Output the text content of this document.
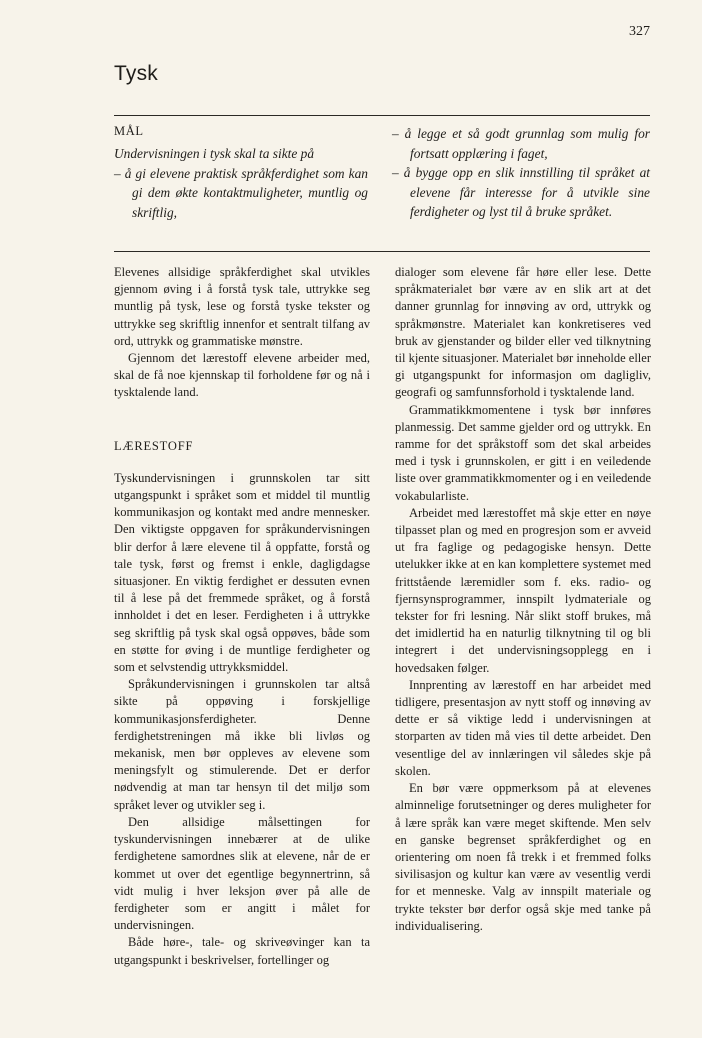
327
Tysk
MÅL

Undervisningen i tysk skal ta sikte på

– å gi elevene praktisk språkferdighet som kan gi dem økte kontaktmuligheter, muntlig og skriftlig,

– å legge et så godt grunnlag som mulig for fortsatt opplæring i faget,

– å bygge opp en slik innstilling til språket at elevene får interesse for å utvikle sine ferdigheter og lyst til å bruke språket.

Elevenes allsidige språkferdighet skal utvikles gjennom øving i å forstå tysk tale, uttrykke seg muntlig på tysk, lese og forstå tyske tekster og uttrykke seg skriftlig innenfor et sentralt tilfang av ord, uttrykk og grammatiske mønstre.

Gjennom det lærestoff elevene arbeider med, skal de få noe kjennskap til forholdene før og nå i tysktalende land.

LÆRESTOFF

Tyskundervisningen i grunnskolen tar sitt utgangspunkt i språket som et middel til muntlig kommunikasjon og kontakt med andre mennesker. Den viktigste oppgaven for språkundervisningen blir derfor å lære elevene til å oppfatte, forstå og tale tysk, først og fremst i enkle, dagligdagse situasjoner. En viktig ferdighet er dessuten evnen til å lese på det fremmede språket, og å forstå innholdet i det en leser. Ferdigheten i å uttrykke seg skriftlig på tysk skal også oppøves, både som en støtte for øving i de muntlige ferdigheter og som et selvstendig uttrykksmiddel.

Språkundervisningen i grunnskolen tar altså sikte på oppøving i forskjellige kommunikasjonsferdigheter. Denne ferdighetstreningen må ikke bli livløs og mekanisk, men bør oppleves av elevene som meningsfylt og stimulerende. Det er derfor nødvendig at man tar hensyn til det miljø som språket lever og utvikler seg i.

Den allsidige målsettingen for tyskundervisningen innebærer at de ulike ferdighetene samordnes slik at elevene, når de er kommet ut over det egentlige begynnertrinn, så vidt mulig i hver leksjon øver på alle de ferdigheter som er angitt i målet for undervisningen.

Både høre-, tale- og skriveøvinger kan ta utgangspunkt i beskrivelser, fortellinger og

dialoger som elevene får høre eller lese. Dette språkmaterialet bør være av en slik art at det danner grunnlag for innøving av ord, uttrykk og språkmønstre. Materialet kan konkretiseres ved bruk av gjenstander og bilder eller ved tilknytning til kjente situasjoner. Materialet bør inneholde eller gi utgangspunkt for informasjon om dagligliv, geografi og samfunnsforhold i tysktalende land.

Grammatikkmomentene i tysk bør innføres planmessig. Det samme gjelder ord og uttrykk. En ramme for det språkstoff som det skal arbeides med i tysk i grunnskolen, er gitt i en veiledende liste over grammatikkmomenter og i en veiledende vokabularliste.

Arbeidet med lærestoffet må skje etter en nøye tilpasset plan og med en progresjon som er avveid ut fra faglige og pedagogiske hensyn. Dette utelukker ikke at en kan komplettere systemet med frittstående læremidler som f. eks. radio- og fjernsynsprogrammer, innspilt lydmateriale og tekster for fri lesning. Når slikt stoff brukes, må det imidlertid ha en naturlig tilknytning til og bli integrert i det undervisningsopplegg en i hovedsaken følger.

Innprenting av lærestoff en har arbeidet med tidligere, presentasjon av nytt stoff og innøving av dette er så viktige ledd i undervisningen at storparten av tiden må vies til dette arbeidet. Den vesentlige del av innlæringen vil således skje på skolen.

En bør være oppmerksom på at elevenes alminnelige forutsetninger og deres muligheter for å lære språk kan være meget skiftende. Men selv en ganske begrenset språkferdighet og en orientering om noen få trekk i et fremmed folks sivilisasjon og kultur kan være av vesentlig verdi for et menneske. Valg av innspilt materiale og trykte tekster bør derfor også skje med tanke på individualisering.
